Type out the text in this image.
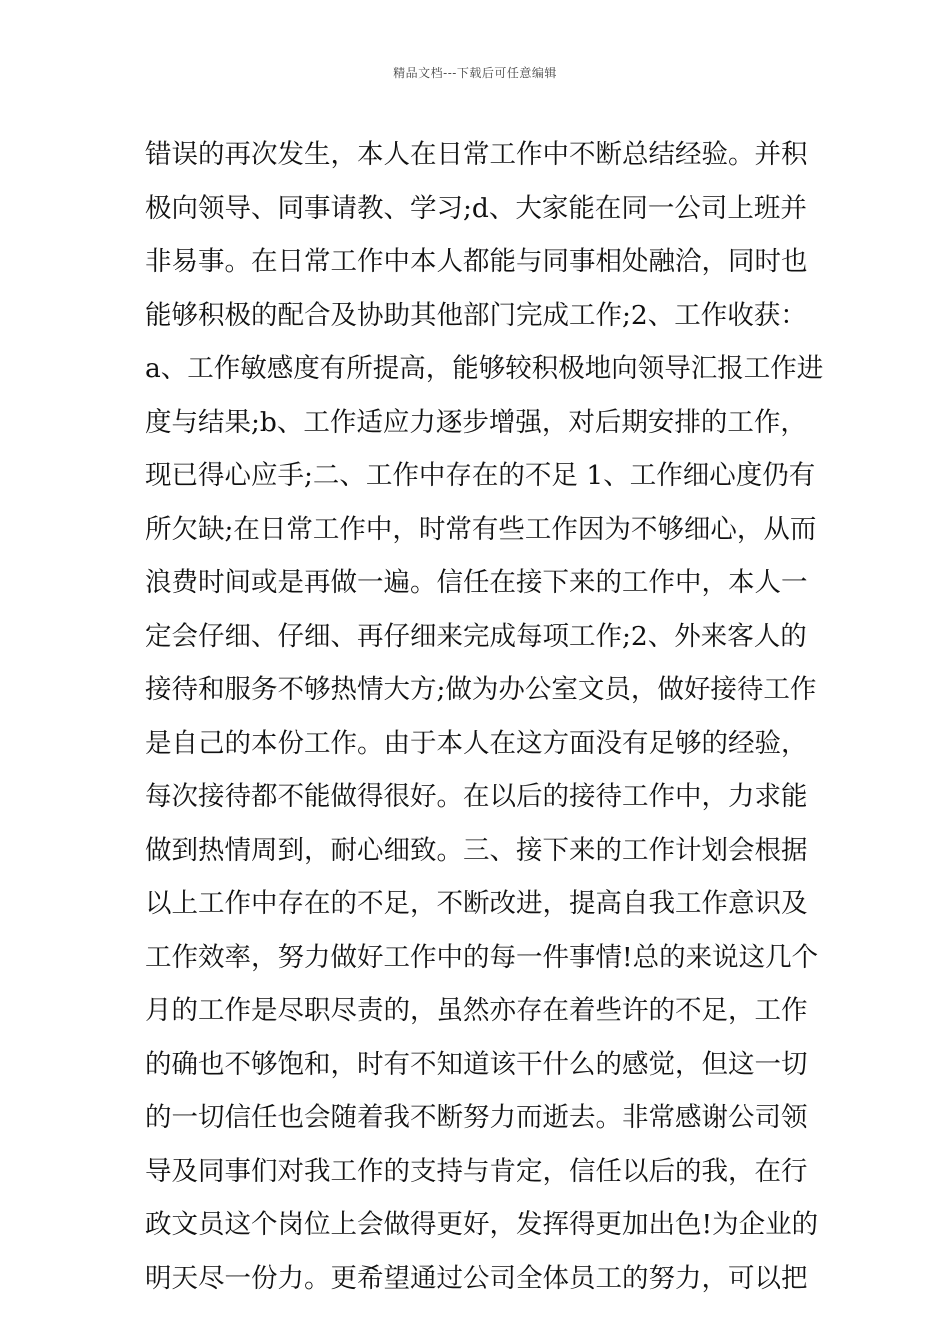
精品文档---下载后可任意编辑
错误的再次发生，本人在日常工作中不断总结经验。并积
极向领导、同事请教、学习;d、大家能在同一公司上班并
非易事。在日常工作中本人都能与同事相处融洽，同时也
能够积极的配合及协助其他部门完成工作;2、工作收获：
a、工作敏感度有所提高，能够较积极地向领导汇报工作进
度与结果;b、工作适应力逐步增强，对后期安排的工作，
现已得心应手;二、工作中存在的不足 1、工作细心度仍有
所欠缺;在日常工作中，时常有些工作因为不够细心，从而
浪费时间或是再做一遍。信任在接下来的工作中，本人一
定会仔细、仔细、再仔细来完成每项工作;2、外来客人的
接待和服务不够热情大方;做为办公室文员，做好接待工作
是自己的本份工作。由于本人在这方面没有足够的经验，
每次接待都不能做得很好。在以后的接待工作中，力求能
做到热情周到，耐心细致。三、接下来的工作计划会根据
以上工作中存在的不足，不断改进，提高自我工作意识及
工作效率，努力做好工作中的每一件事情!总的来说这几个
月的工作是尽职尽责的，虽然亦存在着些许的不足，工作
的确也不够饱和，时有不知道该干什么的感觉，但这一切
的一切信任也会随着我不断努力而逝去。非常感谢公司领
导及同事们对我工作的支持与肯定，信任以后的我，在行
政文员这个岗位上会做得更好，发挥得更加出色!为企业的
明天尽一份力。更希望通过公司全体员工的努力，可以把
